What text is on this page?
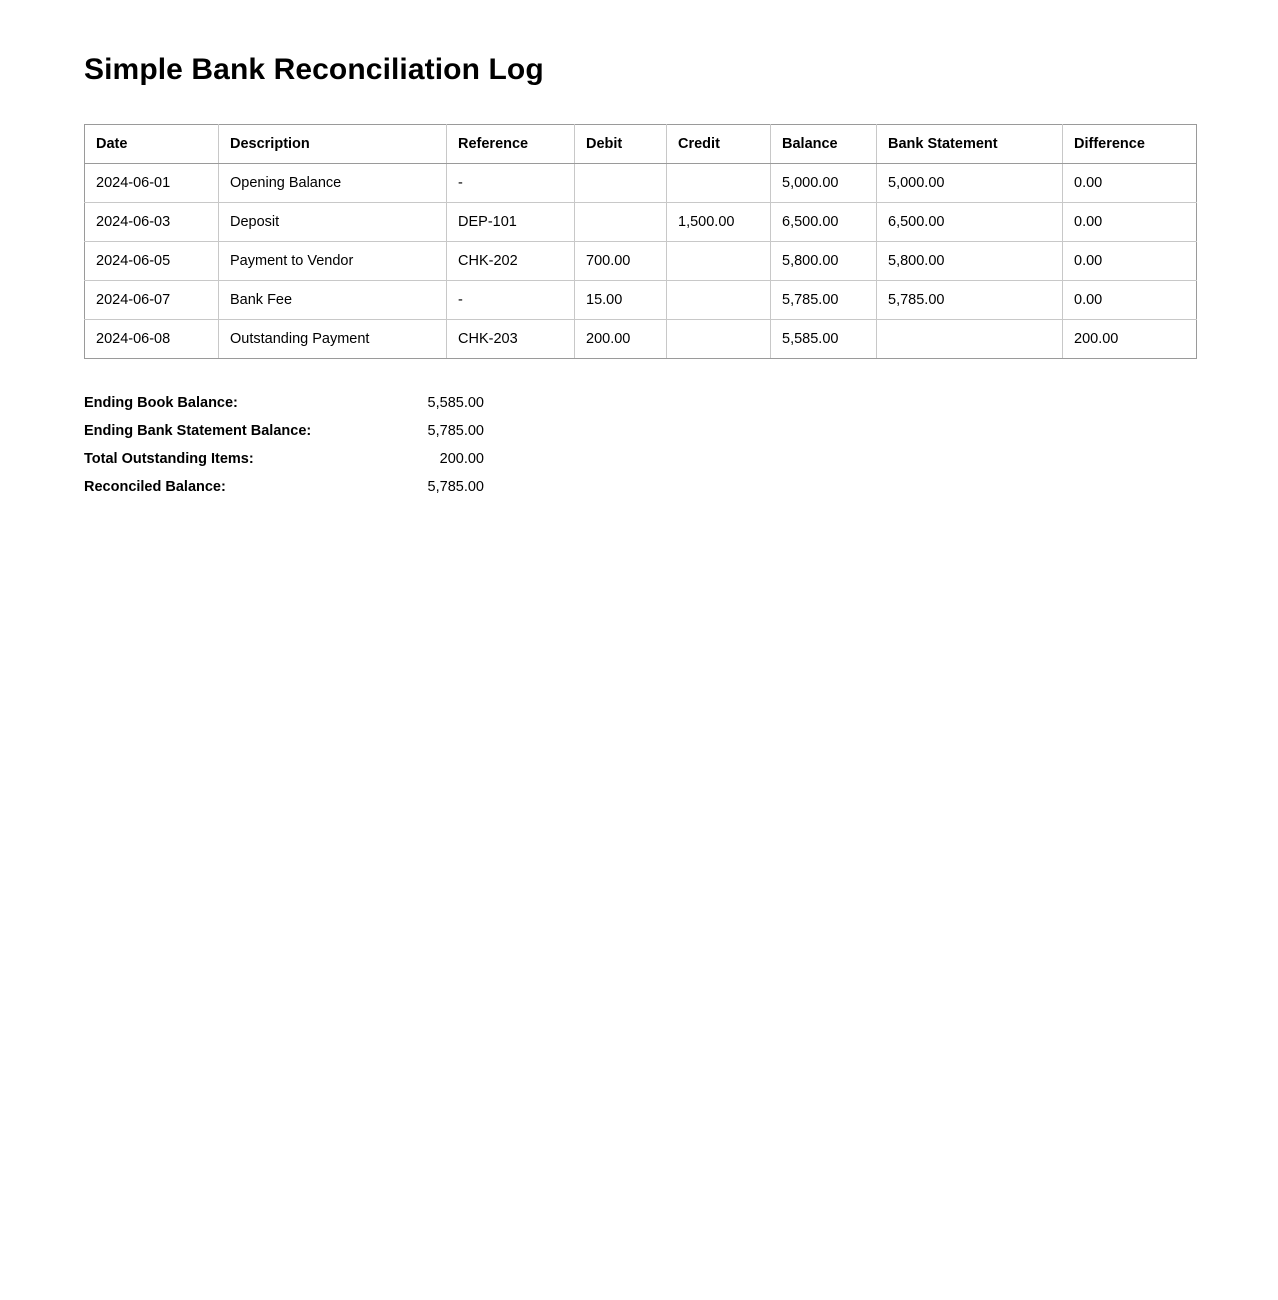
Simple Bank Reconciliation Log
Date	Description	Reference	Debit	Credit	Balance	Bank Statement	Difference
2024-06-01	Opening Balance	-			5,000.00	5,000.00	0.00
2024-06-03	Deposit	DEP-101		1,500.00	6,500.00	6,500.00	0.00
2024-06-05	Payment to Vendor	CHK-202	700.00		5,800.00	5,800.00	0.00
2024-06-07	Bank Fee	-	15.00		5,785.00	5,785.00	0.00
2024-06-08	Outstanding Payment	CHK-203	200.00		5,585.00		200.00
Ending Book Balance:	5,585.00
Ending Bank Statement Balance:	5,785.00
Total Outstanding Items:	200.00
Reconciled Balance:	5,785.00
